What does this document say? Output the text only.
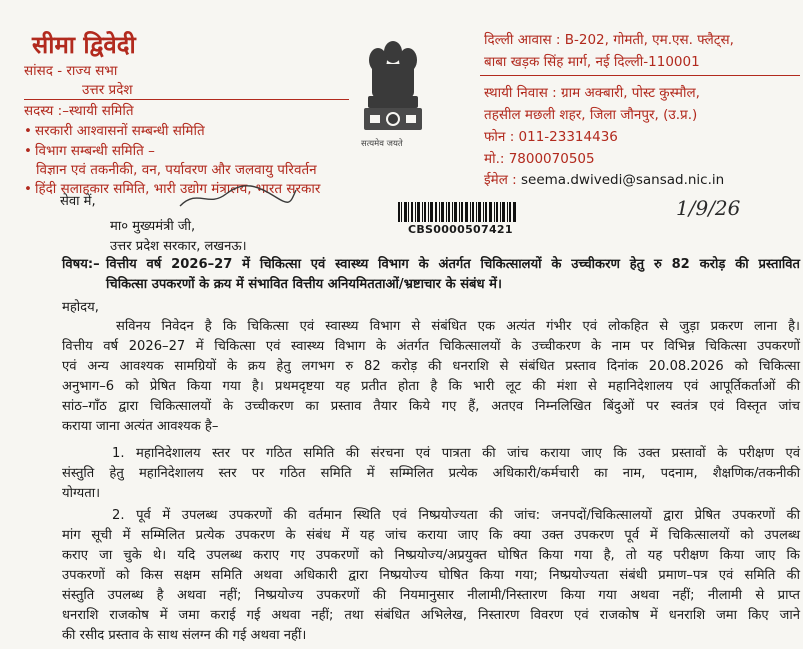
सीमा द्विवेदी
सांसद - राज्य सभा
उत्तर प्रदेश
सदस्य :–स्थायी समिति
• सरकारी आश्वासनों सम्बन्धी समिति
• विभाग सम्बन्धी समिति –
विज्ञान एवं तकनीकी, वन, पर्यावरण और जलवायु परिवर्तन
• हिंदी सलाहकार समिति, भारी उद्योग मंत्रालय, भारत सरकार
सत्यमेव जयते
दिल्ली आवास : B-202, गोमती, एम.एस. फ्लैट्स,
बाबा खड़क सिंह मार्ग, नई दिल्ली-110001
स्थायी निवास : ग्राम अक्बारी, पोस्ट कुस्मौल,
तहसील मछली शहर, जिला जौनपुर, (उ.प्र.)
फोन : 011-23314436
मो.: 7800070505
ईमेल : seema.dwivedi@sansad.nic.in
सेवा में,
मा० मुख्यमंत्री जी,
उत्तर प्रदेश सरकार, लखनऊ।
CBS0000507421
1/9/26
विषय:– वित्तीय वर्ष 2026–27 में चिकित्सा एवं स्वास्थ्य विभाग के अंतर्गत चिकित्सालयों के उच्चीकरण हेतु रु 82 करोड़ की प्रस्तावित
चिकित्सा उपकरणों के क्रय में संभावित वित्तीय अनियमितताओं/भ्रष्टाचार के संबंध में।
महोदय,
सविनय निवेदन है कि चिकित्सा एवं स्वास्थ्य विभाग से संबंधित एक अत्यंत गंभीर एवं लोकहित से जुड़ा प्रकरण लाना है।
वित्तीय वर्ष 2026–27 में चिकित्सा एवं स्वास्थ्य विभाग के अंतर्गत चिकित्सालयों के उच्चीकरण के नाम पर विभिन्न चिकित्सा उपकरणों
एवं अन्य आवश्यक सामग्रियों के क्रय हेतु लगभग रु 82 करोड़ की धनराशि से संबंधित प्रस्ताव दिनांक 20.08.2026 को चिकित्सा
अनुभाग–6 को प्रेषित किया गया है। प्रथमदृष्टया यह प्रतीत होता है कि भारी लूट की मंशा से महानिदेशालय एवं आपूर्तिकर्ताओं की
सांठ–गाँठ द्वारा चिकित्सालयों के उच्चीकरण का प्रस्ताव तैयार किये गए हैं, अतएव निम्नलिखित बिंदुओं पर स्वतंत्र एवं विस्तृत जांच
कराया जाना अत्यंत आवश्यक है–
1. महानिदेशालय स्तर पर गठित समिति की संरचना एवं पात्रता की जांच कराया जाए कि उक्त प्रस्तावों के परीक्षण एवं
संस्तुति हेतु महानिदेशालय स्तर पर गठित समिति में सम्मिलित प्रत्येक अधिकारी/कर्मचारी का नाम, पदनाम, शैक्षणिक/तकनीकी
योग्यता।
2. पूर्व में उपलब्ध उपकरणों की वर्तमान स्थिति एवं निष्प्रयोज्यता की जांच: जनपदों/चिकित्सालयों द्वारा प्रेषित उपकरणों की
मांग सूची में सम्मिलित प्रत्येक उपकरण के संबंध में यह जांच कराया जाए कि क्या उक्त उपकरण पूर्व में चिकित्सालयों को उपलब्ध
कराए जा चुके थे। यदि उपलब्ध कराए गए उपकरणों को निष्प्रयोज्य/अप्रयुक्त घोषित किया गया है, तो यह परीक्षण किया जाए कि
उपकरणों को किस सक्षम समिति अथवा अधिकारी द्वारा निष्प्रयोज्य घोषित किया गया; निष्प्रयोज्यता संबंधी प्रमाण–पत्र एवं समिति की
संस्तुति उपलब्ध है अथवा नहीं; निष्प्रयोज्य उपकरणों की नियमानुसार नीलामी/निस्तारण किया गया अथवा नहीं; नीलामी से प्राप्त
धनराशि राजकोष में जमा कराई गई अथवा नहीं; तथा संबंधित अभिलेख, निस्तारण विवरण एवं राजकोष में धनराशि जमा किए जाने
की रसीद प्रस्ताव के साथ संलग्न की गई अथवा नहीं।
